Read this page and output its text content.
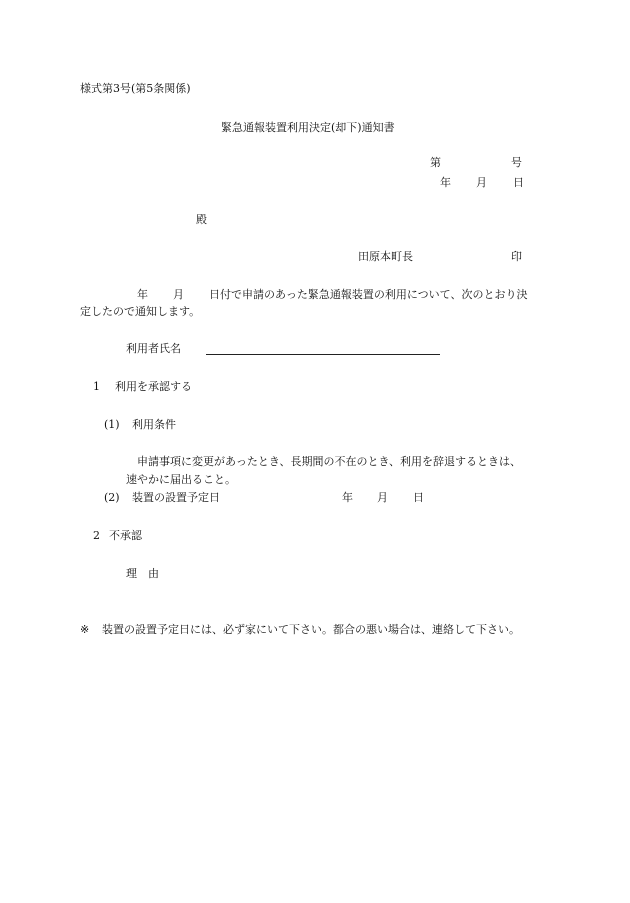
様式第3号(第5条関係)
緊急通報装置利用決定(却下)通知書
第	号
年 月 日
殿
田原本町長	印
年 月 日付で申請のあった緊急通報装置の利用について、次のとおり決
定したので通知します。
利用者氏名
1 利用を承認する
(1) 利用条件
申請事項に変更があったとき、長期間の不在のとき、利用を辞退するときは、
速やかに届出ること。
(2) 装置の設置予定日	年 月 日
2 不承認
理　由
※ 装置の設置予定日には、必ず家にいて下さい。都合の悪い場合は、連絡して下さい。
